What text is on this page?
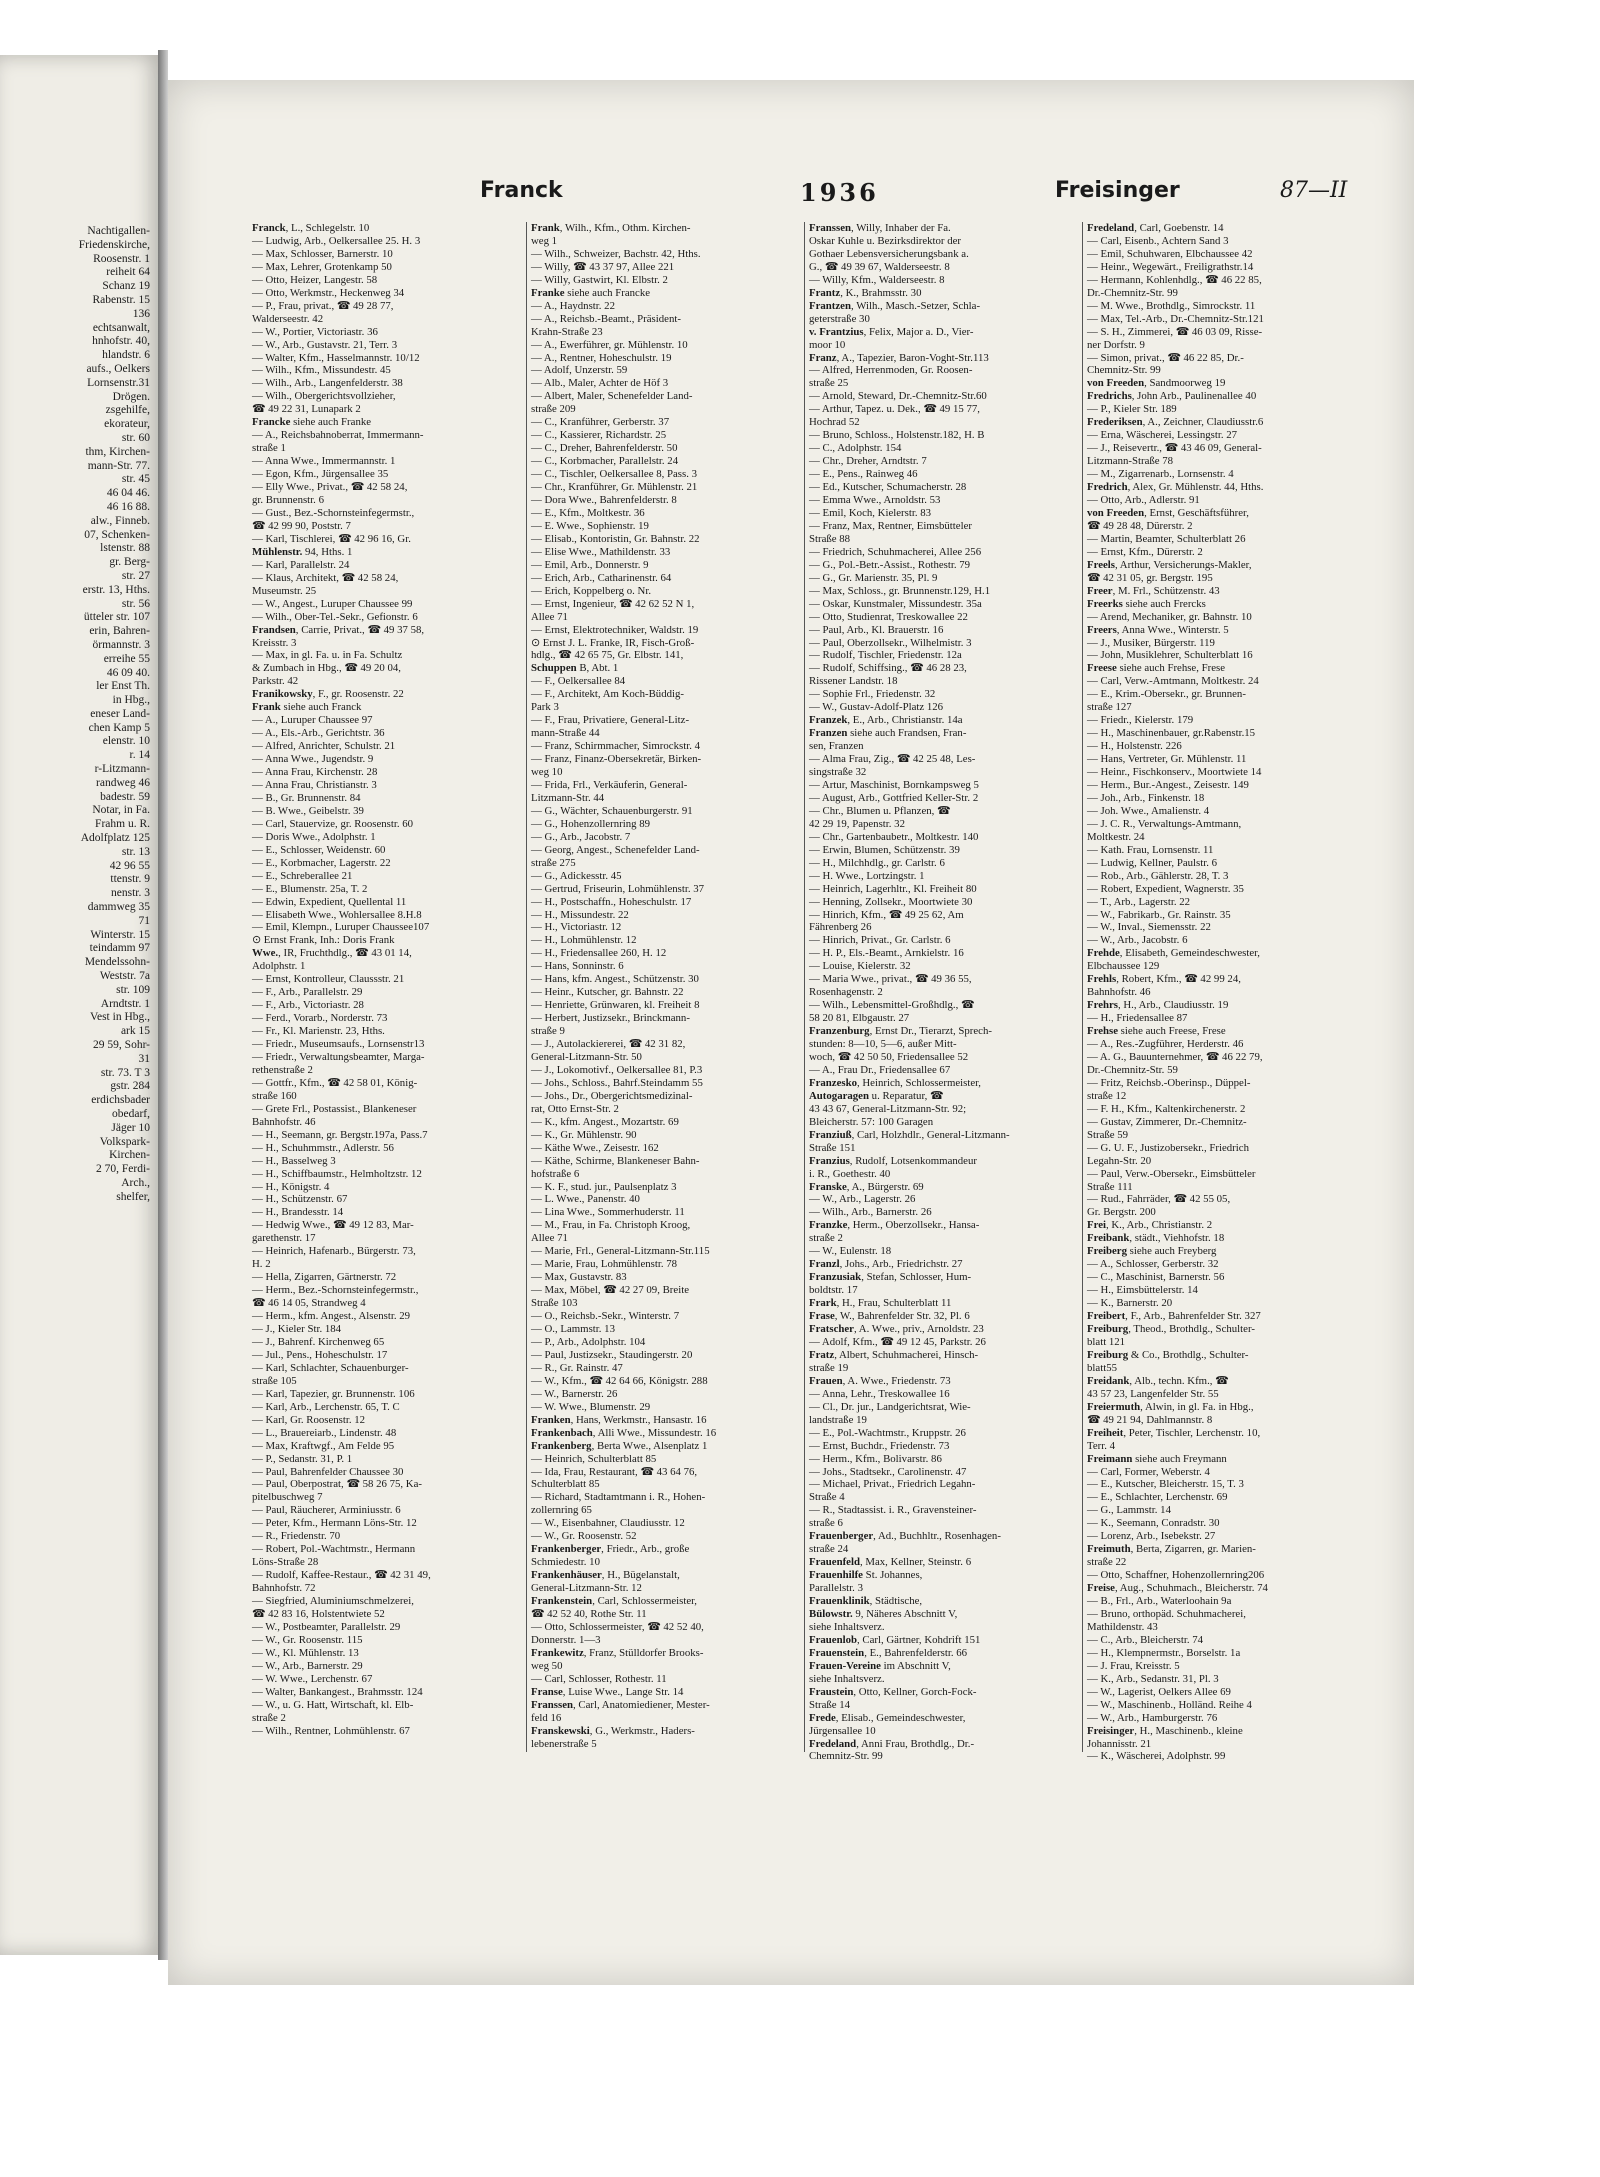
Nachtigallen-
Friedenskirche,
Roosenstr. 1
reiheit 64
Schanz 19
Rabenstr. 15
136
echtsanwalt,
hnhofstr. 40,
hlandstr. 6
aufs., Oelkers
Lornsenstr.31
Drögen.
zsgehilfe,
ekorateur,
str. 60
thm, Kirchen-
mann-Str. 77.
str. 45
46 04 46.
46 16 88.
alw., Finneb.
07, Schenken-
lstenstr. 88
gr. Berg-
str. 27
erstr. 13, Hths.
str. 56
ütteler str. 107
erin, Bahren-
örmannstr. 3
erreihe 55
46 09 40.
ler Enst Th.
in Hbg.,
eneser Land-
chen Kamp 5
elenstr. 10
r. 14
r-Litzmann-
randweg 46
badestr. 59
Notar, in Fa.
Frahm u. R.
Adolfplatz 125
str. 13
42 96 55
ttenstr. 9
nenstr. 3
dammweg 35
71
Winterstr. 15
teindamm 97
Mendelssohn-
Weststr. 7a
str. 109
Arndtstr. 1
Vest in Hbg.,
ark 15
29 59, Sohr-
31
str. 73. T 3
gstr. 284
erdichsbader
obedarf,
Jäger 10
Volkspark-
Kirchen-
2 70, Ferdi-
Arch.,
shelfer,
Franck	1936	Freisinger	87—II
Franck, L., Schlegelstr. 10
— Ludwig, Arb., Oelkersallee 25. H. 3
— Max, Schlosser, Barnerstr. 10
— Max, Lehrer, Grotenkamp 50
— Otto, Heizer, Langestr. 58
— Otto, Werkmstr., Heckenweg 34
— P., Frau, privat., ☎ 49 28 77,
Walderseestr. 42
— W., Portier, Victoriastr. 36
— W., Arb., Gustavstr. 21, Terr. 3
— Walter, Kfm., Hasselmannstr. 10/12
— Wilh., Kfm., Missundestr. 45
— Wilh., Arb., Langenfelderstr. 38
— Wilh., Obergerichtsvollzieher,
☎ 49 22 31, Lunapark 2
Francke siehe auch Franke
— A., Reichsbahnoberrat, Immermann-
straße 1
— Anna Wwe., Immermannstr. 1
— Egon, Kfm., Jürgensallee 35
— Elly Wwe., Privat., ☎ 42 58 24,
gr. Brunnenstr. 6
— Gust., Bez.-Schornsteinfegermstr.,
☎ 42 99 90, Poststr. 7
— Karl, Tischlerei, ☎ 42 96 16, Gr.
Mühlenstr. 94, Hths. 1
— Karl, Parallelstr. 24
— Klaus, Architekt, ☎ 42 58 24,
Museumstr. 25
— W., Angest., Luruper Chaussee 99
— Wilh., Ober-Tel.-Sekr., Gefionstr. 6
Frandsen, Carrie, Privat., ☎ 49 37 58,
Kreisstr. 3
— Max, in gl. Fa. u. in Fa. Schultz
& Zumbach in Hbg., ☎ 49 20 04,
Parkstr. 42
Franikowsky, F., gr. Roosenstr. 22
Frank siehe auch Franck
— A., Luruper Chaussee 97
— A., Els.-Arb., Gerichtstr. 36
— Alfred, Anrichter, Schulstr. 21
— Anna Wwe., Jugendstr. 9
— Anna Frau, Kirchenstr. 28
— Anna Frau, Christianstr. 3
— B., Gr. Brunnenstr. 84
— B. Wwe., Geibelstr. 39
— Carl, Stauervize, gr. Roosenstr. 60
— Doris Wwe., Adolphstr. 1
— E., Schlosser, Weidenstr. 60
— E., Korbmacher, Lagerstr. 22
— E., Schreberallee 21
— E., Blumenstr. 25a, T. 2
— Edwin, Expedient, Quellental 11
— Elisabeth Wwe., Wohlersallee 8.H.8
— Emil, Klempn., Luruper Chaussee107
⊙ Ernst Frank, Inh.: Doris Frank
Wwe., IR, Fruchthdlg., ☎ 43 01 14,
Adolphstr. 1
— Ernst, Kontrolleur, Claussstr. 21
— F., Arb., Parallelstr. 29
— F., Arb., Victoriastr. 28
— Ferd., Vorarb., Norderstr. 73
— Fr., Kl. Marienstr. 23, Hths.
— Friedr., Museumsaufs., Lornsenstr13
— Friedr., Verwaltungsbeamter, Marga-
rethenstraße 2
— Gottfr., Kfm., ☎ 42 58 01, König-
straße 160
— Grete Frl., Postassist., Blankeneser
Bahnhofstr. 46
— H., Seemann, gr. Bergstr.197a, Pass.7
— H., Schuhmmstr., Adlerstr. 56
— H., Basselweg 3
— H., Schiffbaumstr., Helmholtzstr. 12
— H., Königstr. 4
— H., Schützenstr. 67
— H., Brandesstr. 14
— Hedwig Wwe., ☎ 49 12 83, Mar-
garethenstr. 17
— Heinrich, Hafenarb., Bürgerstr. 73,
H. 2
— Hella, Zigarren, Gärtnerstr. 72
— Herm., Bez.-Schornsteinfegermstr.,
☎ 46 14 05, Strandweg 4
— Herm., kfm. Angest., Alsenstr. 29
— J., Kieler Str. 184
— J., Bahrenf. Kirchenweg 65
— Jul., Pens., Hoheschulstr. 17
— Karl, Schlachter, Schauenburger-
straße 105
— Karl, Tapezier, gr. Brunnenstr. 106
— Karl, Arb., Lerchenstr. 65, T. C
— Karl, Gr. Roosenstr. 12
— L., Brauereiarb., Lindenstr. 48
— Max, Kraftwgf., Am Felde 95
— P., Sedanstr. 31, P. 1
— Paul, Bahrenfelder Chaussee 30
— Paul, Oberpostrat, ☎ 58 26 75, Ka-
pitelbuschweg 7
— Paul, Räucherer, Arminiusstr. 6
— Peter, Kfm., Hermann Löns-Str. 12
— R., Friedenstr. 70
— Robert, Pol.-Wachtmstr., Hermann
Löns-Straße 28
— Rudolf, Kaffee-Restaur., ☎ 42 31 49,
Bahnhofstr. 72
— Siegfried, Aluminiumschmelzerei,
☎ 42 83 16, Holstentwiete 52
— W., Postbeamter, Parallelstr. 29
— W., Gr. Roosenstr. 115
— W., Kl. Mühlenstr. 13
— W., Arb., Barnerstr. 29
— W. Wwe., Lerchenstr. 67
— Walter, Bankangest., Brahmsstr. 124
— W., u. G. Hatt, Wirtschaft, kl. Elb-
straße 2
— Wilh., Rentner, Lohmühlenstr. 67
Frank, Wilh., Kfm., Othm. Kirchen-
weg 1
— Wilh., Schweizer, Bachstr. 42, Hths.
— Willy, ☎ 43 37 97, Allee 221
— Willy, Gastwirt, Kl. Elbstr. 2
Franke siehe auch Francke
— A., Haydnstr. 22
— A., Reichsb.-Beamt., Präsident-
Krahn-Straße 23
— A., Ewerführer, gr. Mühlenstr. 10
— A., Rentner, Hoheschulstr. 19
— Adolf, Unzerstr. 59
— Alb., Maler, Achter de Höf 3
— Albert, Maler, Schenefelder Land-
straße 209
— C., Kranführer, Gerberstr. 37
— C., Kassierer, Richardstr. 25
— C., Dreher, Bahrenfelderstr. 50
— C., Korbmacher, Parallelstr. 24
— C., Tischler, Oelkersallee 8, Pass. 3
— Chr., Kranführer, Gr. Mühlenstr. 21
— Dora Wwe., Bahrenfelderstr. 8
— E., Kfm., Moltkestr. 36
— E. Wwe., Sophienstr. 19
— Elisab., Kontoristin, Gr. Bahnstr. 22
— Elise Wwe., Mathildenstr. 33
— Emil, Arb., Donnerstr. 9
— Erich, Arb., Catharinenstr. 64
— Erich, Koppelberg o. Nr.
— Ernst, Ingenieur, ☎ 42 62 52 N 1,
Allee 71
— Ernst, Elektrotechniker, Waldstr. 19
⊙ Ernst J. L. Franke, IR, Fisch-Groß-
hdlg., ☎ 42 65 75, Gr. Elbstr. 141,
Schuppen B, Abt. 1
— F., Oelkersallee 84
— F., Architekt, Am Koch-Büddig-
Park 3
— F., Frau, Privatiere, General-Litz-
mann-Straße 44
— Franz, Schirmmacher, Simrockstr. 4
— Franz, Finanz-Obersekretär, Birken-
weg 10
— Frida, Frl., Verkäuferin, General-
Litzmann-Str. 44
— G., Wächter, Schauenburgerstr. 91
— G., Hohenzollernring 89
— G., Arb., Jacobstr. 7
— Georg, Angest., Schenefelder Land-
straße 275
— G., Adickesstr. 45
— Gertrud, Friseurin, Lohmühlenstr. 37
— H., Postschaffn., Hoheschulstr. 17
— H., Missundestr. 22
— H., Victoriastr. 12
— H., Lohmühlenstr. 12
— H., Friedensallee 260, H. 12
— Hans, Sonninstr. 6
— Hans, kfm. Angest., Schützenstr. 30
— Heinr., Kutscher, gr. Bahnstr. 22
— Henriette, Grünwaren, kl. Freiheit 8
— Herbert, Justizsekr., Brinckmann-
straße 9
— J., Autolackiererei, ☎ 42 31 82,
General-Litzmann-Str. 50
— J., Lokomotivf., Oelkersallee 81, P.3
— Johs., Schloss., Bahrf.Steindamm 55
— Johs., Dr., Obergerichtsmedizinal-
rat, Otto Ernst-Str. 2
— K., kfm. Angest., Mozartstr. 69
— K., Gr. Mühlenstr. 90
— Käthe Wwe., Zeisestr. 162
— Käthe, Schirme, Blankeneser Bahn-
hofstraße 6
— K. F., stud. jur., Paulsenplatz 3
— L. Wwe., Panenstr. 40
— Lina Wwe., Sommerhuderstr. 11
— M., Frau, in Fa. Christoph Kroog,
Allee 71
— Marie, Frl., General-Litzmann-Str.115
— Marie, Frau, Lohmühlenstr. 78
— Max, Gustavstr. 83
— Max, Möbel, ☎ 42 27 09, Breite
Straße 103
— O., Reichsb.-Sekr., Winterstr. 7
— O., Lammstr. 13
— P., Arb., Adolphstr. 104
— Paul, Justizsekr., Staudingerstr. 20
— R., Gr. Rainstr. 47
— W., Kfm., ☎ 42 64 66, Königstr. 288
— W., Barnerstr. 26
— W. Wwe., Blumenstr. 29
Franken, Hans, Werkmstr., Hansastr. 16
Frankenbach, Alli Wwe., Missundestr. 16
Frankenberg, Berta Wwe., Alsenplatz 1
— Heinrich, Schulterblatt 85
— Ida, Frau, Restaurant, ☎ 43 64 76,
Schulterblatt 85
— Richard, Stadtamtmann i. R., Hohen-
zollernring 65
— W., Eisenbahner, Claudiusstr. 12
— W., Gr. Roosenstr. 52
Frankenberger, Friedr., Arb., große
Schmiedestr. 10
Frankenhäuser, H., Bügelanstalt,
General-Litzmann-Str. 12
Frankenstein, Carl, Schlossermeister,
☎ 42 52 40, Rothe Str. 11
— Otto, Schlossermeister, ☎ 42 52 40,
Donnerstr. 1—3
Frankewitz, Franz, Stülldorfer Brooks-
weg 50
— Carl, Schlosser, Rothestr. 11
Franse, Luise Wwe., Lange Str. 14
Franssen, Carl, Anatomiediener, Mester-
feld 16
Franskewski, G., Werkmstr., Haders-
lebenerstraße 5
Franssen, Willy, Inhaber der Fa.
Oskar Kuhle u. Bezirksdirektor der
Gothaer Lebensversicherungsbank a.
G., ☎ 49 39 67, Walderseestr. 8
— Willy, Kfm., Walderseestr. 8
Frantz, K., Brahmsstr. 30
Frantzen, Wilh., Masch.-Setzer, Schla-
geterstraße 30
v. Frantzius, Felix, Major a. D., Vier-
moor 10
Franz, A., Tapezier, Baron-Voght-Str.113
— Alfred, Herrenmoden, Gr. Roosen-
straße 25
— Arnold, Steward, Dr.-Chemnitz-Str.60
— Arthur, Tapez. u. Dek., ☎ 49 15 77,
Hochrad 52
— Bruno, Schloss., Holstenstr.182, H. B
— C., Adolphstr. 154
— Chr., Dreher, Arndtstr. 7
— E., Pens., Rainweg 46
— Ed., Kutscher, Schumacherstr. 28
— Emma Wwe., Arnoldstr. 53
— Emil, Koch, Kielerstr. 83
— Franz, Max, Rentner, Eimsbütteler
Straße 88
— Friedrich, Schuhmacherei, Allee 256
— G., Pol.-Betr.-Assist., Rothestr. 79
— G., Gr. Marienstr. 35, Pl. 9
— Max, Schloss., gr. Brunnenstr.129, H.1
— Oskar, Kunstmaler, Missundestr. 35a
— Otto, Studienrat, Treskowallee 22
— Paul, Arb., Kl. Brauerstr. 16
— Paul, Oberzollsekr., Wilhelmistr. 3
— Rudolf, Tischler, Friedenstr. 12a
— Rudolf, Schiffsing., ☎ 46 28 23,
Rissener Landstr. 18
— Sophie Frl., Friedenstr. 32
— W., Gustav-Adolf-Platz 126
Franzek, E., Arb., Christianstr. 14a
Franzen siehe auch Frandsen, Fran-
sen, Franzen
— Alma Frau, Zig., ☎ 42 25 48, Les-
singstraße 32
— Artur, Maschinist, Bornkampsweg 5
— August, Arb., Gottfried Keller-Str. 2
— Chr., Blumen u. Pflanzen, ☎
42 29 19, Papenstr. 32
— Chr., Gartenbaubetr., Moltkestr. 140
— Erwin, Blumen, Schützenstr. 39
— H., Milchhdlg., gr. Carlstr. 6
— H. Wwe., Lortzingstr. 1
— Heinrich, Lagerhltr., Kl. Freiheit 80
— Henning, Zollsekr., Moortwiete 30
— Hinrich, Kfm., ☎ 49 25 62, Am
Fährenberg 26
— Hinrich, Privat., Gr. Carlstr. 6
— H. P., Els.-Beamt., Arnkielstr. 16
— Louise, Kielerstr. 32
— Maria Wwe., privat., ☎ 49 36 55,
Rosenhagenstr. 2
— Wilh., Lebensmittel-Großhdlg., ☎
58 20 81, Elbgaustr. 27
Franzenburg, Ernst Dr., Tierarzt, Sprech-
stunden: 8—10, 5—6, außer Mitt-
woch, ☎ 42 50 50, Friedensallee 52
— A., Frau Dr., Friedensallee 67
Franzesko, Heinrich, Schlossermeister,
Autogaragen u. Reparatur, ☎
43 43 67, General-Litzmann-Str. 92;
Bleicherstr. 57: 100 Garagen
Franziuß, Carl, Holzhdlr., General-Litzmann-
Straße 151
Franzius, Rudolf, Lotsenkommandeur
i. R., Goethestr. 40
Franske, A., Bürgerstr. 69
— W., Arb., Lagerstr. 26
— Wilh., Arb., Barnerstr. 26
Franzke, Herm., Oberzollsekr., Hansa-
straße 2
— W., Eulenstr. 18
Franzl, Johs., Arb., Friedrichstr. 27
Franzusiak, Stefan, Schlosser, Hum-
boldtstr. 17
Frark, H., Frau, Schulterblatt 11
Frase, W., Bahrenfelder Str. 32, Pl. 6
Fratscher, A. Wwe., priv., Arnoldstr. 23
— Adolf, Kfm., ☎ 49 12 45, Parkstr. 26
Fratz, Albert, Schuhmacherei, Hinsch-
straße 19
Frauen, A. Wwe., Friedenstr. 73
— Anna, Lehr., Treskowallee 16
— Cl., Dr. jur., Landgerichtsrat, Wie-
landstraße 19
— E., Pol.-Wachtmstr., Kruppstr. 26
— Ernst, Buchdr., Friedenstr. 73
— Herm., Kfm., Bolivarstr. 86
— Johs., Stadtsekr., Carolinenstr. 47
— Michael, Privat., Friedrich Legahn-
Straße 4
— R., Stadtassist. i. R., Gravensteiner-
straße 6
Frauenberger, Ad., Buchhltr., Rosenhagen-
straße 24
Frauenfeld, Max, Kellner, Steinstr. 6
Frauenhilfe St. Johannes,
Parallelstr. 3
Frauenklinik, Städtische,
Bülowstr. 9, Näheres Abschnitt V,
siehe Inhaltsverz.
Frauenlob, Carl, Gärtner, Kohdrift 151
Frauenstein, E., Bahrenfelderstr. 66
Frauen-Vereine im Abschnitt V,
siehe Inhaltsverz.
Fraustein, Otto, Kellner, Gorch-Fock-
Straße 14
Frede, Elisab., Gemeindeschwester,
Jürgensallee 10
Fredeland, Anni Frau, Brothdlg., Dr.-
Chemnitz-Str. 99
Fredeland, Carl, Goebenstr. 14
— Carl, Eisenb., Achtern Sand 3
— Emil, Schuhwaren, Elbchaussee 42
— Heinr., Wegewärt., Freiligrathstr.14
— Hermann, Kohlenhdlg., ☎ 46 22 85,
Dr.-Chemnitz-Str. 99
— M. Wwe., Brothdlg., Simrockstr. 11
— Max, Tel.-Arb., Dr.-Chemnitz-Str.121
— S. H., Zimmerei, ☎ 46 03 09, Risse-
ner Dorfstr. 9
— Simon, privat., ☎ 46 22 85, Dr.-
Chemnitz-Str. 99
von Freeden, Sandmoorweg 19
Fredrichs, John Arb., Paulinenallee 40
— P., Kieler Str. 189
Frederiksen, A., Zeichner, Claudiusstr.6
— Erna, Wäscherei, Lessingstr. 27
— J., Reisevertr., ☎ 43 46 09, General-
Litzmann-Straße 78
— M., Zigarrenarb., Lornsenstr. 4
Fredrich, Alex, Gr. Mühlenstr. 44, Hths.
— Otto, Arb., Adlerstr. 91
von Freeden, Ernst, Geschäftsführer,
☎ 49 28 48, Dürerstr. 2
— Martin, Beamter, Schulterblatt 26
— Ernst, Kfm., Dürerstr. 2
Freels, Arthur, Versicherungs-Makler,
☎ 42 31 05, gr. Bergstr. 195
Freer, M. Frl., Schützenstr. 43
Freerks siehe auch Frercks
— Arend, Mechaniker, gr. Bahnstr. 10
Freers, Anna Wwe., Winterstr. 5
— J., Musiker, Bürgerstr. 119
— John, Musiklehrer, Schulterblatt 16
Freese siehe auch Frehse, Frese
— Carl, Verw.-Amtmann, Moltkestr. 24
— E., Krim.-Obersekr., gr. Brunnen-
straße 127
— Friedr., Kielerstr. 179
— H., Maschinenbauer, gr.Rabenstr.15
— H., Holstenstr. 226
— Hans, Vertreter, Gr. Mühlenstr. 11
— Heinr., Fischkonserv., Moortwiete 14
— Herm., Bur.-Angest., Zeisestr. 149
— Joh., Arb., Finkenstr. 18
— Joh. Wwe., Amalienstr. 4
— J. C. R., Verwaltungs-Amtmann,
Moltkestr. 24
— Kath. Frau, Lornsenstr. 11
— Ludwig, Kellner, Paulstr. 6
— Rob., Arb., Gählerstr. 28, T. 3
— Robert, Expedient, Wagnerstr. 35
— T., Arb., Lagerstr. 22
— W., Fabrikarb., Gr. Rainstr. 35
— W., Inval., Siemensstr. 22
— W., Arb., Jacobstr. 6
Frehde, Elisabeth, Gemeindeschwester,
Elbchaussee 129
Frehls, Robert, Kfm., ☎ 42 99 24,
Bahnhofstr. 46
Frehrs, H., Arb., Claudiusstr. 19
— H., Friedensallee 87
Frehse siehe auch Freese, Frese
— A., Res.-Zugführer, Herderstr. 46
— A. G., Bauunternehmer, ☎ 46 22 79,
Dr.-Chemnitz-Str. 59
— Fritz, Reichsb.-Oberinsp., Düppel-
straße 12
— F. H., Kfm., Kaltenkirchenerstr. 2
— Gustav, Zimmerer, Dr.-Chemnitz-
Straße 59
— G. U. F., Justizobersekr., Friedrich
Legahn-Str. 20
— Paul, Verw.-Obersekr., Eimsbütteler
Straße 111
— Rud., Fahrräder, ☎ 42 55 05,
Gr. Bergstr. 200
Frei, K., Arb., Christianstr. 2
Freibank, städt., Viehhofstr. 18
Freiberg siehe auch Freyberg
— A., Schlosser, Gerberstr. 32
— C., Maschinist, Barnerstr. 56
— H., Eimsbüttelerstr. 14
— K., Barnerstr. 20
Freibert, F., Arb., Bahrenfelder Str. 327
Freiburg, Theod., Brothdlg., Schulter-
blatt 121
Freiburg & Co., Brothdlg., Schulter-
blatt55
Freidank, Alb., techn. Kfm., ☎
43 57 23, Langenfelder Str. 55
Freiermuth, Alwin, in gl. Fa. in Hbg.,
☎ 49 21 94, Dahlmannstr. 8
Freiheit, Peter, Tischler, Lerchenstr. 10,
Terr. 4
Freimann siehe auch Freymann
— Carl, Former, Weberstr. 4
— E., Kutscher, Bleicherstr. 15, T. 3
— E., Schlachter, Lerchenstr. 69
— G., Lammstr. 14
— K., Seemann, Conradstr. 30
— Lorenz, Arb., Isebekstr. 27
Freimuth, Berta, Zigarren, gr. Marien-
straße 22
— Otto, Schaffner, Hohenzollernring206
Freise, Aug., Schuhmach., Bleicherstr. 74
— B., Frl., Arb., Waterloohain 9a
— Bruno, orthopäd. Schuhmacherei,
Mathildenstr. 43
— C., Arb., Bleicherstr. 74
— H., Klempnermstr., Borselstr. 1a
— J. Frau, Kreisstr. 5
— K., Arb., Sedanstr. 31, Pl. 3
— W., Lagerist, Oelkers Allee 69
— W., Maschinenb., Holländ. Reihe 4
— W., Arb., Hamburgerstr. 76
Freisinger, H., Maschinenb., kleine
Johannisstr. 21
— K., Wäscherei, Adolphstr. 99
